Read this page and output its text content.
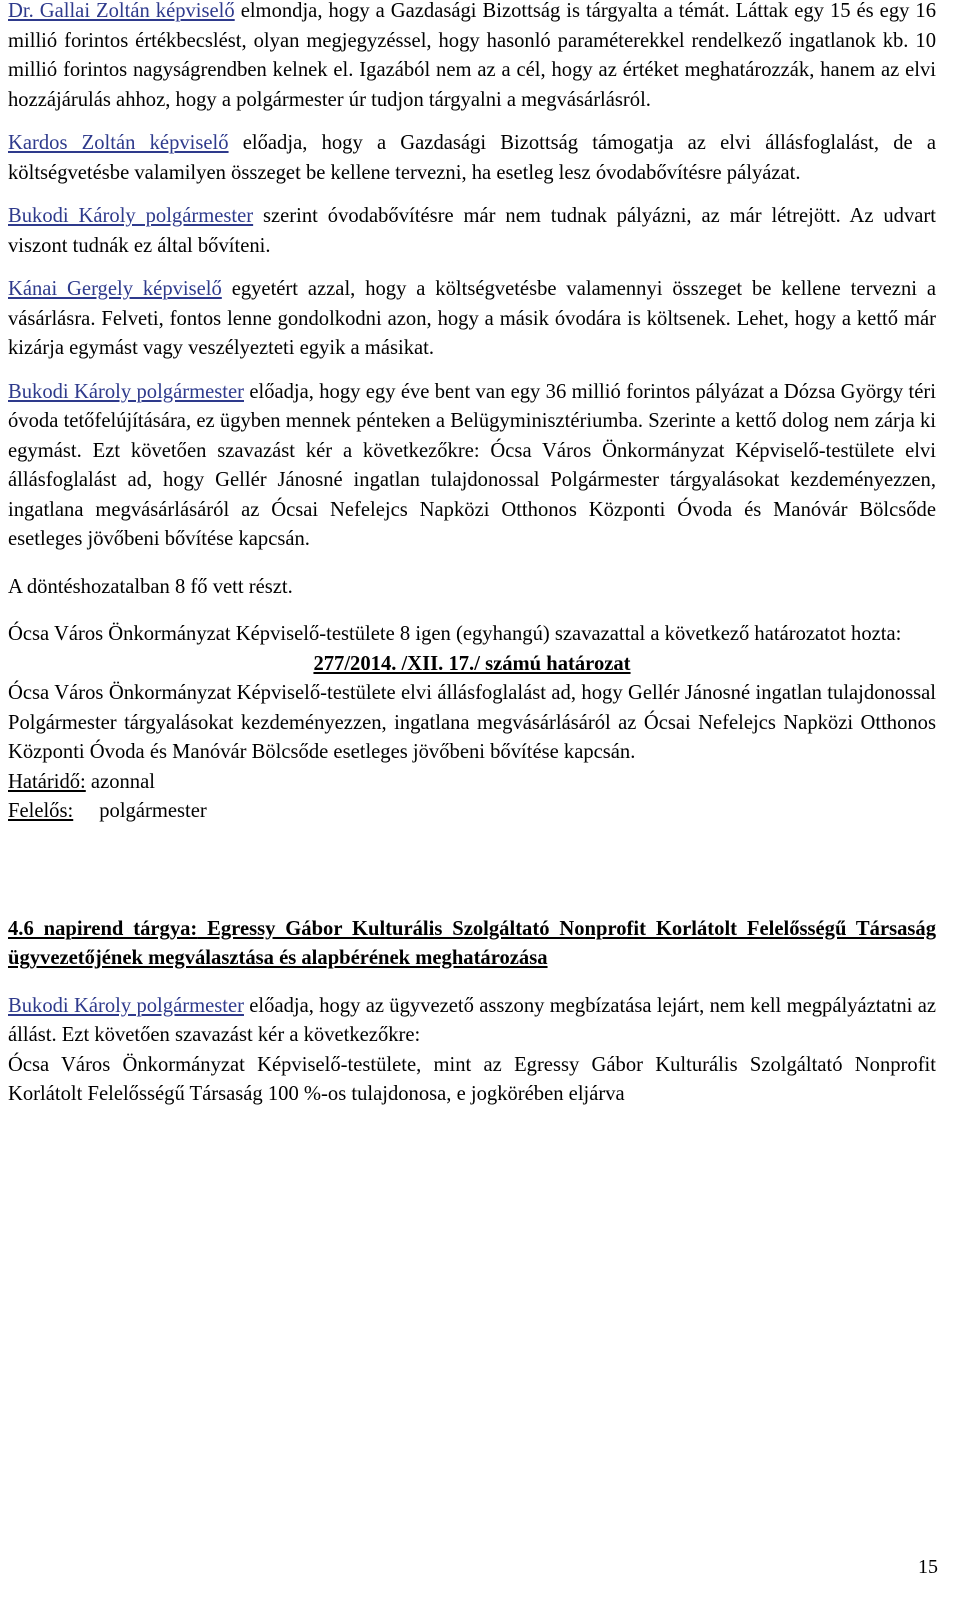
Dr. Gallai Zoltán képviselő elmondja, hogy a Gazdasági Bizottság is tárgyalta a témát. Láttak egy 15 és egy 16 millió forintos értékbecslést, olyan megjegyzéssel, hogy hasonló paraméterekkel rendelkező ingatlanok kb. 10 millió forintos nagyságrendben kelnek el. Igazából nem az a cél, hogy az értéket meghatározzák, hanem az elvi hozzájárulás ahhoz, hogy a polgármester úr tudjon tárgyalni a megvásárlásról.

Kardos Zoltán képviselő előadja, hogy a Gazdasági Bizottság támogatja az elvi állásfoglalást, de a költségvetésbe valamilyen összeget be kellene tervezni, ha esetleg lesz óvodabővítésre pályázat.

Bukodi Károly polgármester szerint óvodabővítésre már nem tudnak pályázni, az már létrejött. Az udvart viszont tudnák ez által bővíteni.

Kánai Gergely képviselő egyetért azzal, hogy a költségvetésbe valamennyi összeget be kellene tervezni a vásárlásra. Felveti, fontos lenne gondolkodni azon, hogy a másik óvodára is költsenek. Lehet, hogy a kettő már kizárja egymást vagy veszélyezteti egyik a másikat.

Bukodi Károly polgármester előadja, hogy egy éve bent van egy 36 millió forintos pályázat a Dózsa György téri óvoda tetőfelújítására, ez ügyben mennek pénteken a Belügyminisztériumba. Szerinte a kettő dolog nem zárja ki egymást. Ezt követően szavazást kér a következőkre: Ócsa Város Önkormányzat Képviselő-testülete elvi állásfoglalást ad, hogy Gellér Jánosné ingatlan tulajdonossal Polgármester tárgyalásokat kezdeményezzen, ingatlana megvásárlásáról az Ócsai Nefelejcs Napközi Otthonos Központi Óvoda és Manóvár Bölcsőde esetleges jövőbeni bővítése kapcsán.

A döntéshozatalban 8 fő vett részt.

Ócsa Város Önkormányzat Képviselő-testülete 8 igen (egyhangú) szavazattal a következő határozatot hozta:

277/2014. /XII. 17./ számú határozat

Ócsa Város Önkormányzat Képviselő-testülete elvi állásfoglalást ad, hogy Gellér Jánosné ingatlan tulajdonossal Polgármester tárgyalásokat kezdeményezzen, ingatlana megvásárlásáról az Ócsai Nefelejcs Napközi Otthonos Központi Óvoda és Manóvár Bölcsőde esetleges jövőbeni bővítése kapcsán.

Határidő: azonnal

Felelős: polgármester

4.6 napirend tárgya: Egressy Gábor Kulturális Szolgáltató Nonprofit Korlátolt Felelősségű Társaság ügyvezetőjének megválasztása és alapbérének meghatározása

Bukodi Károly polgármester előadja, hogy az ügyvezető asszony megbízatása lejárt, nem kell megpályáztatni az állást. Ezt követően szavazást kér a következőkre:

Ócsa Város Önkormányzat Képviselő-testülete, mint az Egressy Gábor Kulturális Szolgáltató Nonprofit Korlátolt Felelősségű Társaság 100 %-os tulajdonosa, e jogkörében eljárva

15
